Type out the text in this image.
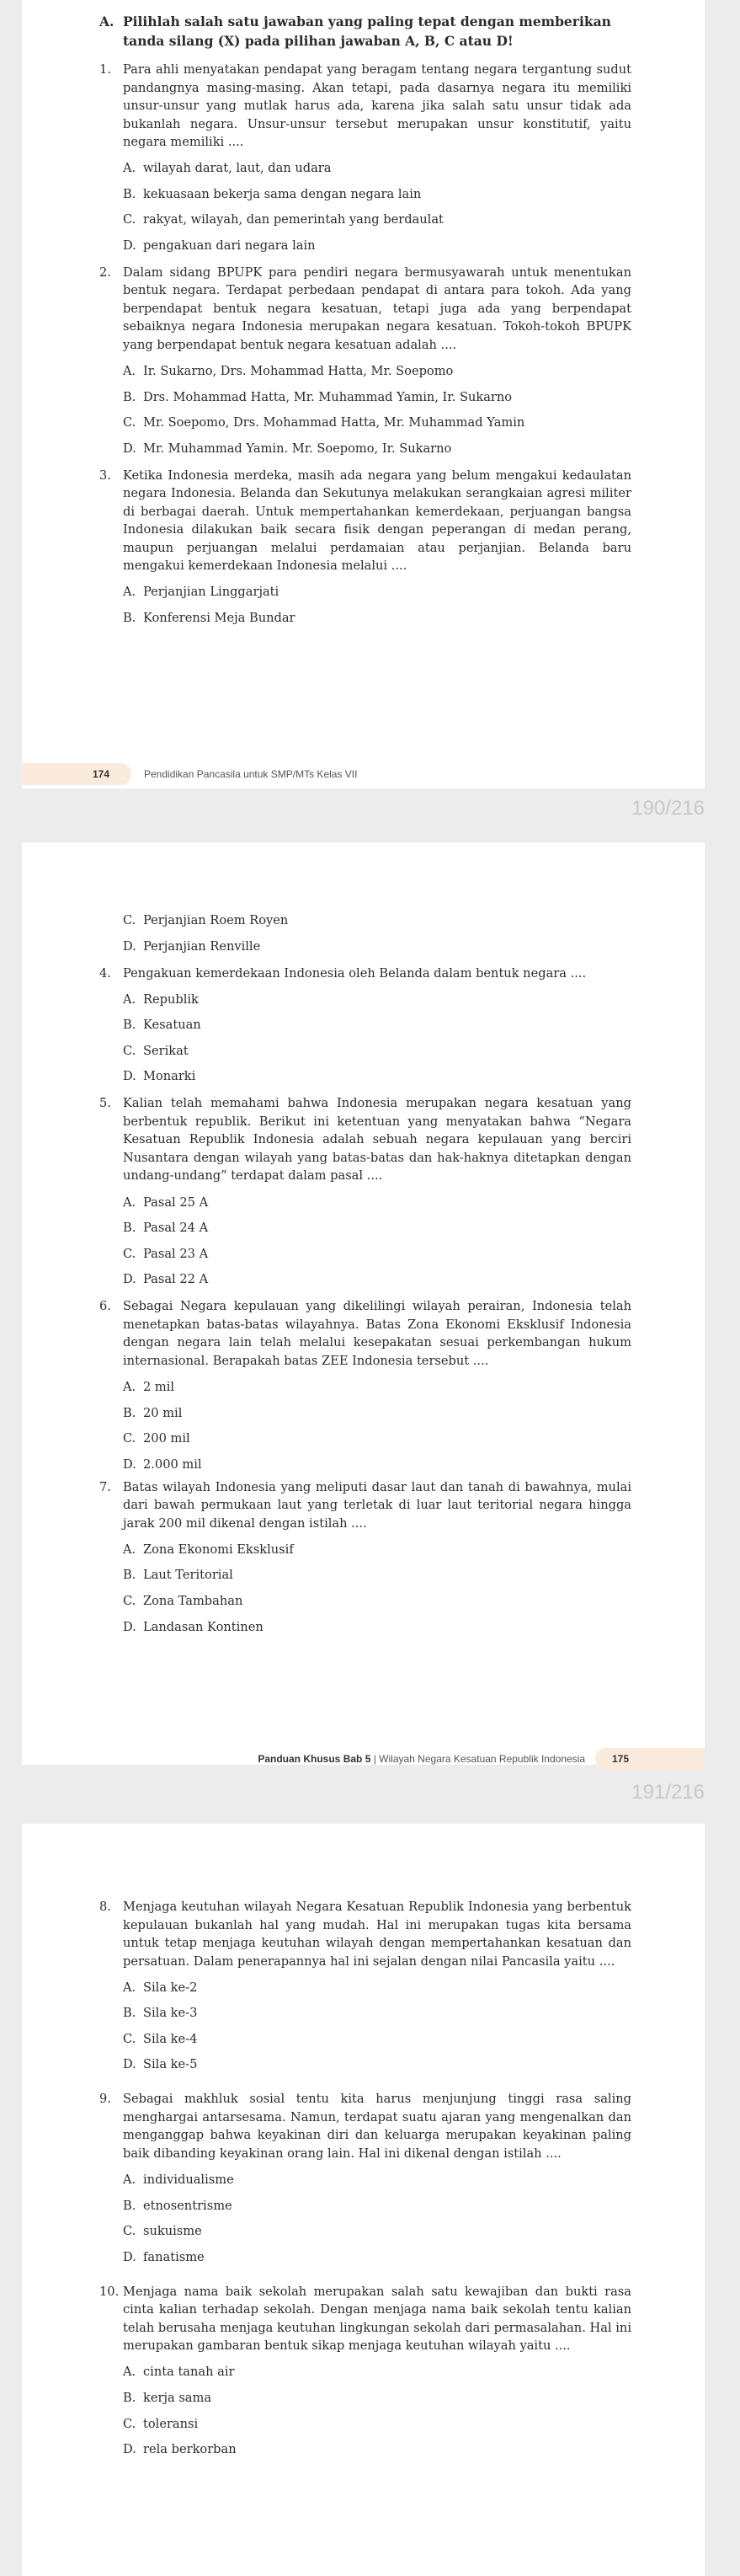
A. Pilihlah salah satu jawaban yang paling tepat dengan memberikan tanda silang (X) pada pilihan jawaban A, B, C atau D!

1. Para ahli menyatakan pendapat yang beragam tentang negara tergantung sudut pandangnya masing-masing. Akan tetapi, pada dasarnya negara itu memiliki unsur-unsur yang mutlak harus ada, karena jika salah satu unsur tidak ada bukanlah negara. Unsur-unsur tersebut merupakan unsur konstitutif, yaitu negara memiliki ....

A. wilayah darat, laut, dan udara

B. kekuasaan bekerja sama dengan negara lain

C. rakyat, wilayah, dan pemerintah yang berdaulat

D. pengakuan dari negara lain

2. Dalam sidang BPUPK para pendiri negara bermusyawarah untuk menentukan bentuk negara. Terdapat perbedaan pendapat di antara para tokoh. Ada yang berpendapat bentuk negara kesatuan, tetapi juga ada yang berpendapat sebaiknya negara Indonesia merupakan negara kesatuan. Tokoh-tokoh BPUPK yang berpendapat bentuk negara kesatuan adalah ....

A. Ir. Sukarno, Drs. Mohammad Hatta, Mr. Soepomo

B. Drs. Mohammad Hatta, Mr. Muhammad Yamin, Ir. Sukarno

C. Mr. Soepomo, Drs. Mohammad Hatta, Mr. Muhammad Yamin

D. Mr. Muhammad Yamin. Mr. Soepomo, Ir. Sukarno

3. Ketika Indonesia merdeka, masih ada negara yang belum mengakui kedaulatan negara Indonesia. Belanda dan Sekutunya melakukan serangkaian agresi militer di berbagai daerah. Untuk mempertahankan kemerdekaan, perjuangan bangsa Indonesia dilakukan baik secara fisik dengan peperangan di medan perang, maupun perjuangan melalui perdamaian atau perjanjian. Belanda baru mengakui kemerdekaan Indonesia melalui ....

A. Perjanjian Linggarjati

B. Konferensi Meja Bundar

174	Pendidikan Pancasila untuk SMP/MTs Kelas VII
190/216

C. Perjanjian Roem Royen

D. Perjanjian Renville

4. Pengakuan kemerdekaan Indonesia oleh Belanda dalam bentuk negara ....

A. Republik

B. Kesatuan

C. Serikat

D. Monarki

5. Kalian telah memahami bahwa Indonesia merupakan negara kesatuan yang berbentuk republik. Berikut ini ketentuan yang menyatakan bahwa “Negara Kesatuan Republik Indonesia adalah sebuah negara kepulauan yang berciri Nusantara dengan wilayah yang batas-batas dan hak-haknya ditetapkan dengan undang-undang” terdapat dalam pasal ....

A. Pasal 25 A

B. Pasal 24 A

C. Pasal 23 A

D. Pasal 22 A

6. Sebagai Negara kepulauan yang dikelilingi wilayah perairan, Indonesia telah menetapkan batas-batas wilayahnya. Batas Zona Ekonomi Eksklusif Indonesia dengan negara lain telah melalui kesepakatan sesuai perkembangan hukum internasional. Berapakah batas ZEE Indonesia tersebut ....

A. 2 mil

B. 20 mil

C. 200 mil

D. 2.000 mil

7. Batas wilayah Indonesia yang meliputi dasar laut dan tanah di bawahnya, mulai dari bawah permukaan laut yang terletak di luar laut teritorial negara hingga jarak 200 mil dikenal dengan istilah ....

A. Zona Ekonomi Eksklusif

B. Laut Teritorial

C. Zona Tambahan

D. Landasan Kontinen

Panduan Khusus Bab 5 | Wilayah Negara Kesatuan Republik Indonesia	175
191/216

8. Menjaga keutuhan wilayah Negara Kesatuan Republik Indonesia yang berbentuk kepulauan bukanlah hal yang mudah. Hal ini merupakan tugas kita bersama untuk tetap menjaga keutuhan wilayah dengan mempertahankan kesatuan dan persatuan. Dalam penerapannya hal ini sejalan dengan nilai Pancasila yaitu ....

A. Sila ke-2

B. Sila ke-3

C. Sila ke-4

D. Sila ke-5

9. Sebagai makhluk sosial tentu kita harus menjunjung tinggi rasa saling menghargai antarsesama. Namun, terdapat suatu ajaran yang mengenalkan dan menganggap bahwa keyakinan diri dan keluarga merupakan keyakinan paling baik dibanding keyakinan orang lain. Hal ini dikenal dengan istilah ....

A. individualisme

B. etnosentrisme

C. sukuisme

D. fanatisme

10. Menjaga nama baik sekolah merupakan salah satu kewajiban dan bukti rasa cinta kalian terhadap sekolah. Dengan menjaga nama baik sekolah tentu kalian telah berusaha menjaga keutuhan lingkungan sekolah dari permasalahan. Hal ini merupakan gambaran bentuk sikap menjaga keutuhan wilayah yaitu ....

A. cinta tanah air

B. kerja sama

C. toleransi

D. rela berkorban
